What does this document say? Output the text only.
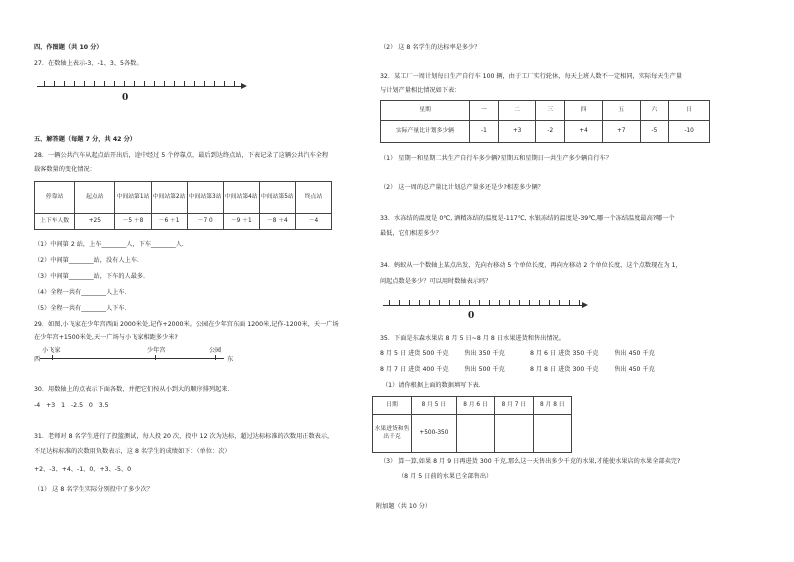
四、作图题（共 10 分）
27．在数轴上表示-3、-1、3、5各数。
0
五、解答题（每题 7 分，共 42 分）
28．一辆公共汽车从起点站开出后，途中经过 5 个停靠点，最后到达终点站，下表记录了这辆公共汽车全程
载客数量的变化情况：
停靠站	起点站	中间站第1站	中间站第2站	中间站第3站	中间站第4站	中间站第5站	终点站
上下车人数	+25	－5 ＋8	－6 ＋1	－7 0	－9 ＋1	－8 ＋4	－4
（1）中间第 2 站，上车________人，下车________人．
（2）中间第________站，没有人上车．
（3）中间第________站，下车的人最多．
（4）全程一共有________人上车．
（5）全程一共有________人下车．
29．如图,小飞家在少年宫西面 2000米处,记作+2000米。公园在少年宫东面 1200米,记作-1200米，天一广场
在少年宫+1500米处,天一广场与小飞家相距多少米?
小飞家	少年宫	公园
西	东
30．用数轴上的点表示下面各数，并把它们按从小到大的顺序排列起来．
-4   +3   1   -2.5   0   3.5
31．老师对 8 名学生进行了投篮测试，每人投 20 次，投中 12 次为达标，超过达标标准的次数用正数表示，
不足达标标准的次数用负数表示，这 8 名学生的成绩如下：（单位：次）
+2、-3、+4、-1、0、+3、-5、0
（1） 这 8 名学生实际分别投中了多少次？
（2） 这 8 名学生的达标率是多少？
32．某工厂一周计划每日生产自行车 100 辆，由于工厂实行轮休，每天上班人数不一定相同，实际每天生产量
与计划产量相比情况如下表：
星期	一	二	三	四	五	六	日
实际产量比计划多少辆	-1	+3	-2	+4	+7	-5	-10
（1） 星期一和星期二共生产自行车多少辆?星期五和星期日一共生产多少辆自行车？
（2） 这一周的总产量比计划总产量多还是少?相差多少辆？
33．水冻结的温度是 0℃, 酒精冻结的温度是-117℃, 水银冻结的温度是-39℃,哪一个冻结温度最高?哪一个
最低，它们相差多少？
34．蚂蚁从一个数轴上某点出发，先向右移动 5 个单位长度，再向左移动 2 个单位长度，这个点数现在为 1，
问起点数是多少？可以用时数轴表示吗？
0
35．下面是东森水果店 8 月 5 日~8 月 8 日水果进货和售出情况。
8 月 5 日 进货 500 千克        售出 350 千克	8 月 6 日 进货 350 千克        售出 450 千克
8 月 7 日 进货 400 千克        售出 500 千克	8 月 8 日 进货 300 千克        售出 450 千克
（1）请你根据上面的数据填写下表.
日期	8 月 5 日	8 月 6 日	8 月 7 日	8 月 8 日
水果进货和售出千克	+500-350			
（3） 算一算,如果 8 月 9 日再进货 300 千克,那么这一天售出多少千克的水果,才能使水果店的水果全部卖完?
（8 月 5 日前的水果已全部售出）
附加题（共 10 分）
